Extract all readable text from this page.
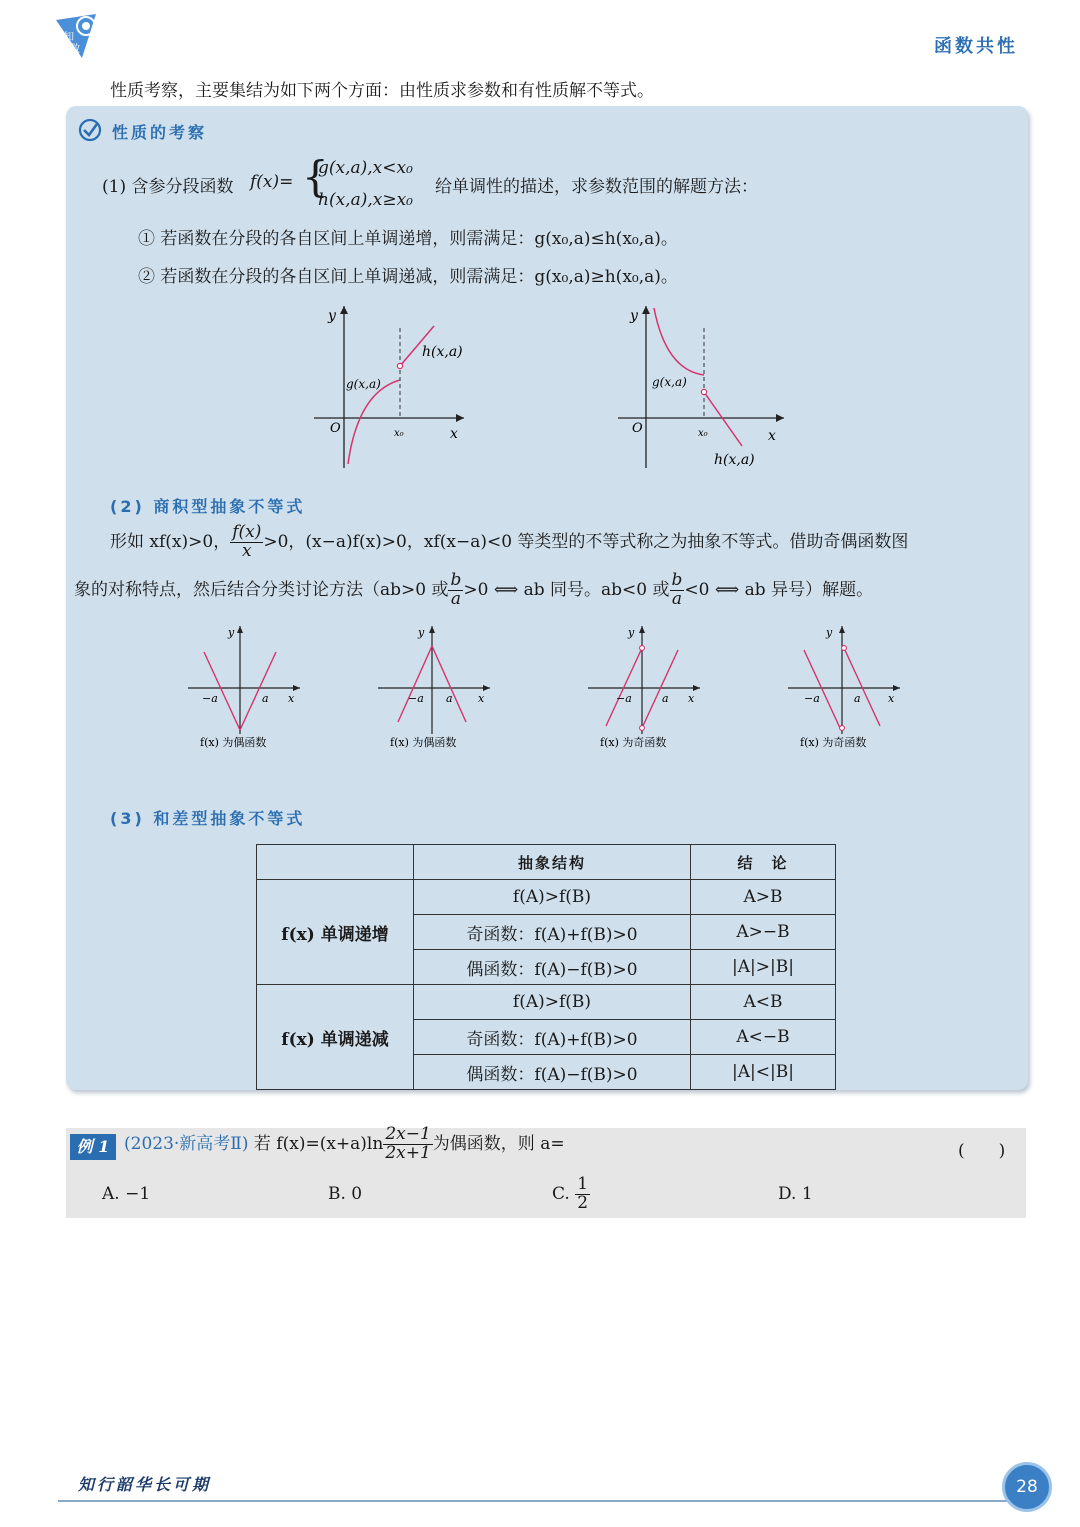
知
数	函数共性
性质考察，主要集结为如下两个方面：由性质求参数和有性质解不等式。
性质的考察
(1) 含参分段函数 f(x)= {
g(x,a),x<x₀
h(x,a),x≥x₀
给单调性的描述，求参数范围的解题方法：
① 若函数在分段的各自区间上单调递增，则需满足：g(x₀,a)≤h(x₀,a)。
② 若函数在分段的各自区间上单调递减，则需满足：g(x₀,a)≥h(x₀,a)。
y
x
O	x₀
g(x,a)
h(x,a)
y
x
O	x₀
g(x,a)
h(x,a)
(2) 商积型抽象不等式
形如 xf(x)>0， $\frac{f(x)}{x} >0$，(x−a)f(x)>0，xf(x−a)<0 等类型的不等式称之为抽象不等式。借助奇偶函数图
象的对称特点，然后结合分类讨论方法（ab>0 或 $\frac{b}{a} >0$ ⟺ ab 同号。ab<0 或 $\frac{b}{a} <0$ ⟺ ab 异号）解题。
y
x
−a	a
f(x) 为偶函数
y
x
−a a
f(x) 为偶函数
y
x
−a	a
f(x) 为奇函数
y
x
−a	a
f(x) 为奇函数
(3) 和差型抽象不等式
	抽象结构	结　论
f(x) 单调递增	f(A)>f(B)	A>B
	奇函数：f(A)+f(B)>0	A>−B
	偶函数：f(A)−f(B)>0	|A|>|B|
f(x) 单调递减	f(A)>f(B)	A<B
	奇函数：f(A)+f(B)>0	A<−B
	偶函数：f(A)−f(B)>0	|A|<|B|
例 1 (2023·新高考Ⅱ) 若 $f(x)=(x+a)\ln \frac{2x-1}{2x+1}$ 为偶函数，则 a=	(　　)
A. −1	B. 0	C. $\frac{1}{2}$	D. 1
知行韶华长可期	28
